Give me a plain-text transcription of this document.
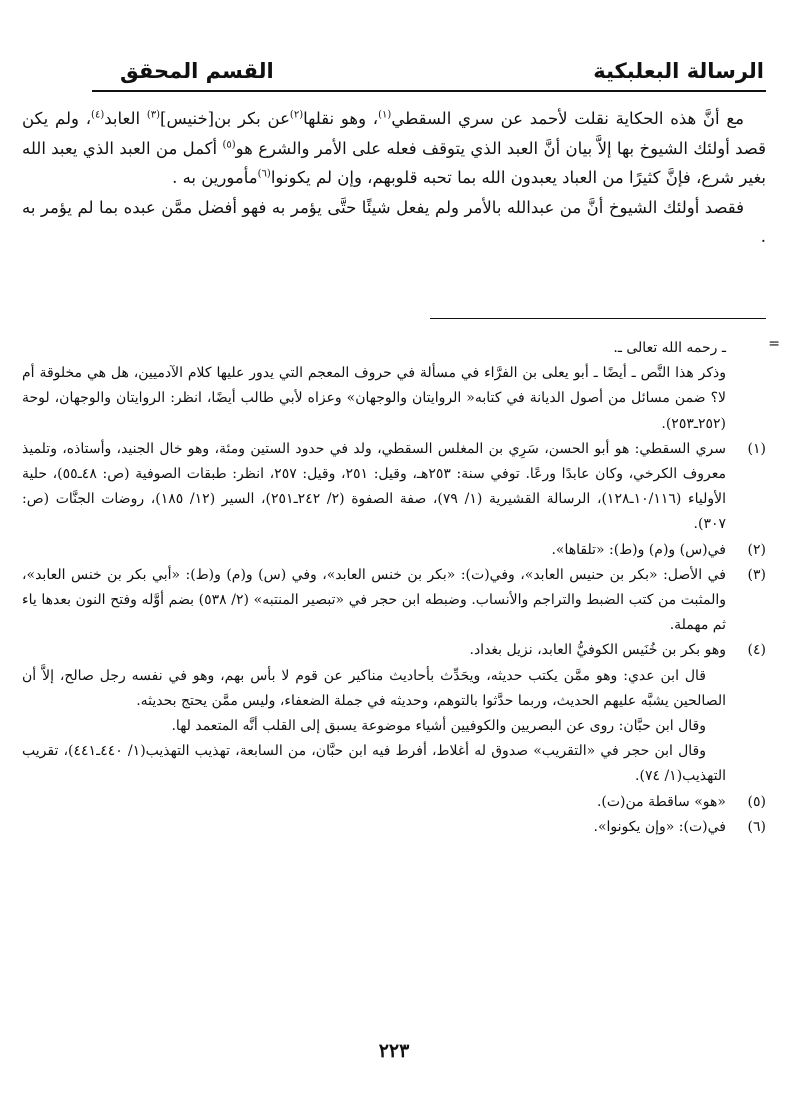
الرسالة البعلبكية
القسم المحقق

مع أنَّ هذه الحكاية نقلت لأحمد عن سري السقطي$^{(١)}$، وهو نقلها$^{(٢)}$عن بكر بن[خنيس]$^{(٣)}$ العابد$^{(٤)}$، ولم يكن قصد أولئك الشيوخ بها إلاَّ بيان أنَّ العبد الذي يتوقف فعله على الأمر والشرع هو$^{(٥)}$ أكمل من العبد الذي يعبد الله بغير شرع، فإنَّ كثيرًا من العباد يعبدون الله بما تحبه قلوبهم، وإن لم يكونوا$^{(٦)}$مأمورين به .

فقصد أولئك الشيوخ أنَّ من عبدالله بالأمر ولم يفعل شيئًا حتَّى يؤمر به فهو أفضل ممَّن عبده بما لم يؤمر به .

=

ـ رحمه الله تعالى ـ.

وذكر هذا النَّص ـ أيضًا ـ أبو يعلى بن الفرَّاء في مسألة في حروف المعجم التي يدور عليها كلام الآدميين، هل هي مخلوقة أم لا؟ ضمن مسائل من أصول الديانة في كتابه« الروايتان والوجهان» وعزاه لأبي طالب أيضًا، انظر: الروايتان والوجهان، لوحة (٢٥٢ـ٢٥٣).

(١)

سري السقطي: هو أبو الحسن، سَرِي بن المغلس السقطي، ولد في حدود الستين ومئة، وهو خال الجنيد، وأستاذه، وتلميذ معروف الكرخي، وكان عابدًا ورعًا. توفي سنة: ٢٥٣هـ، وقيل: ٢٥١، وقيل: ٢٥٧، انظر: طبقات الصوفية (ص: ٤٨ـ٥٥)، حلية الأولياء (١٠/١١٦ـ١٢٨)، الرسالة القشيرية (١/ ٧٩)، صفة الصفوة (٢/ ٢٤٢ـ٢٥١)، السير (١٢/ ١٨٥)، روضات الجنَّات (ص: ٣٠٧).

(٢)

في(س) و(م) و(ط): «تلقاها».

(٣)

في الأصل: «بكر بن حنيس العابد»، وفي(ت): «بكر بن خنس العابد»، وفي (س) و(م) و(ط): «أبي بكر بن خنس العابد»، والمثبت من كتب الضبط والتراجم والأنساب. وضبطه ابن حجر في «تبصير المنتبه» (٢/ ٥٣٨) بضم أوَّله وفتح النون بعدها ياء ثم مهملة.

(٤)

وهو بكر بن خُنَيس الكوفيُّ العابد، نزيل بغداد.

قال ابن عدي: وهو ممَّن يكتب حديثه، ويحَدِّث بأحاديث مناكير عن قوم لا بأس بهم، وهو في نفسه رجل صالح، إلاَّ أن الصالحين يشبَّه عليهم الحديث، وربما حدَّثوا بالتوهم، وحديثه في جملة الضعفاء، وليس ممَّن يحتج بحديثه.

وقال ابن حبَّان: روى عن البصريين والكوفيين أشياء موضوعة يسبق إلى القلب أنَّه المتعمد لها.

وقال ابن حجر في «التقريب» صدوق له أغلاط، أفرط فيه ابن حبَّان، من السابعة، تهذيب التهذيب(١/ ٤٤٠ـ٤٤١)، تقريب التهذيب(١/ ٧٤).

(٥)

«هو» ساقطة من(ت).

(٦)

في(ت): «وإن يكونوا».

٢٢٣
